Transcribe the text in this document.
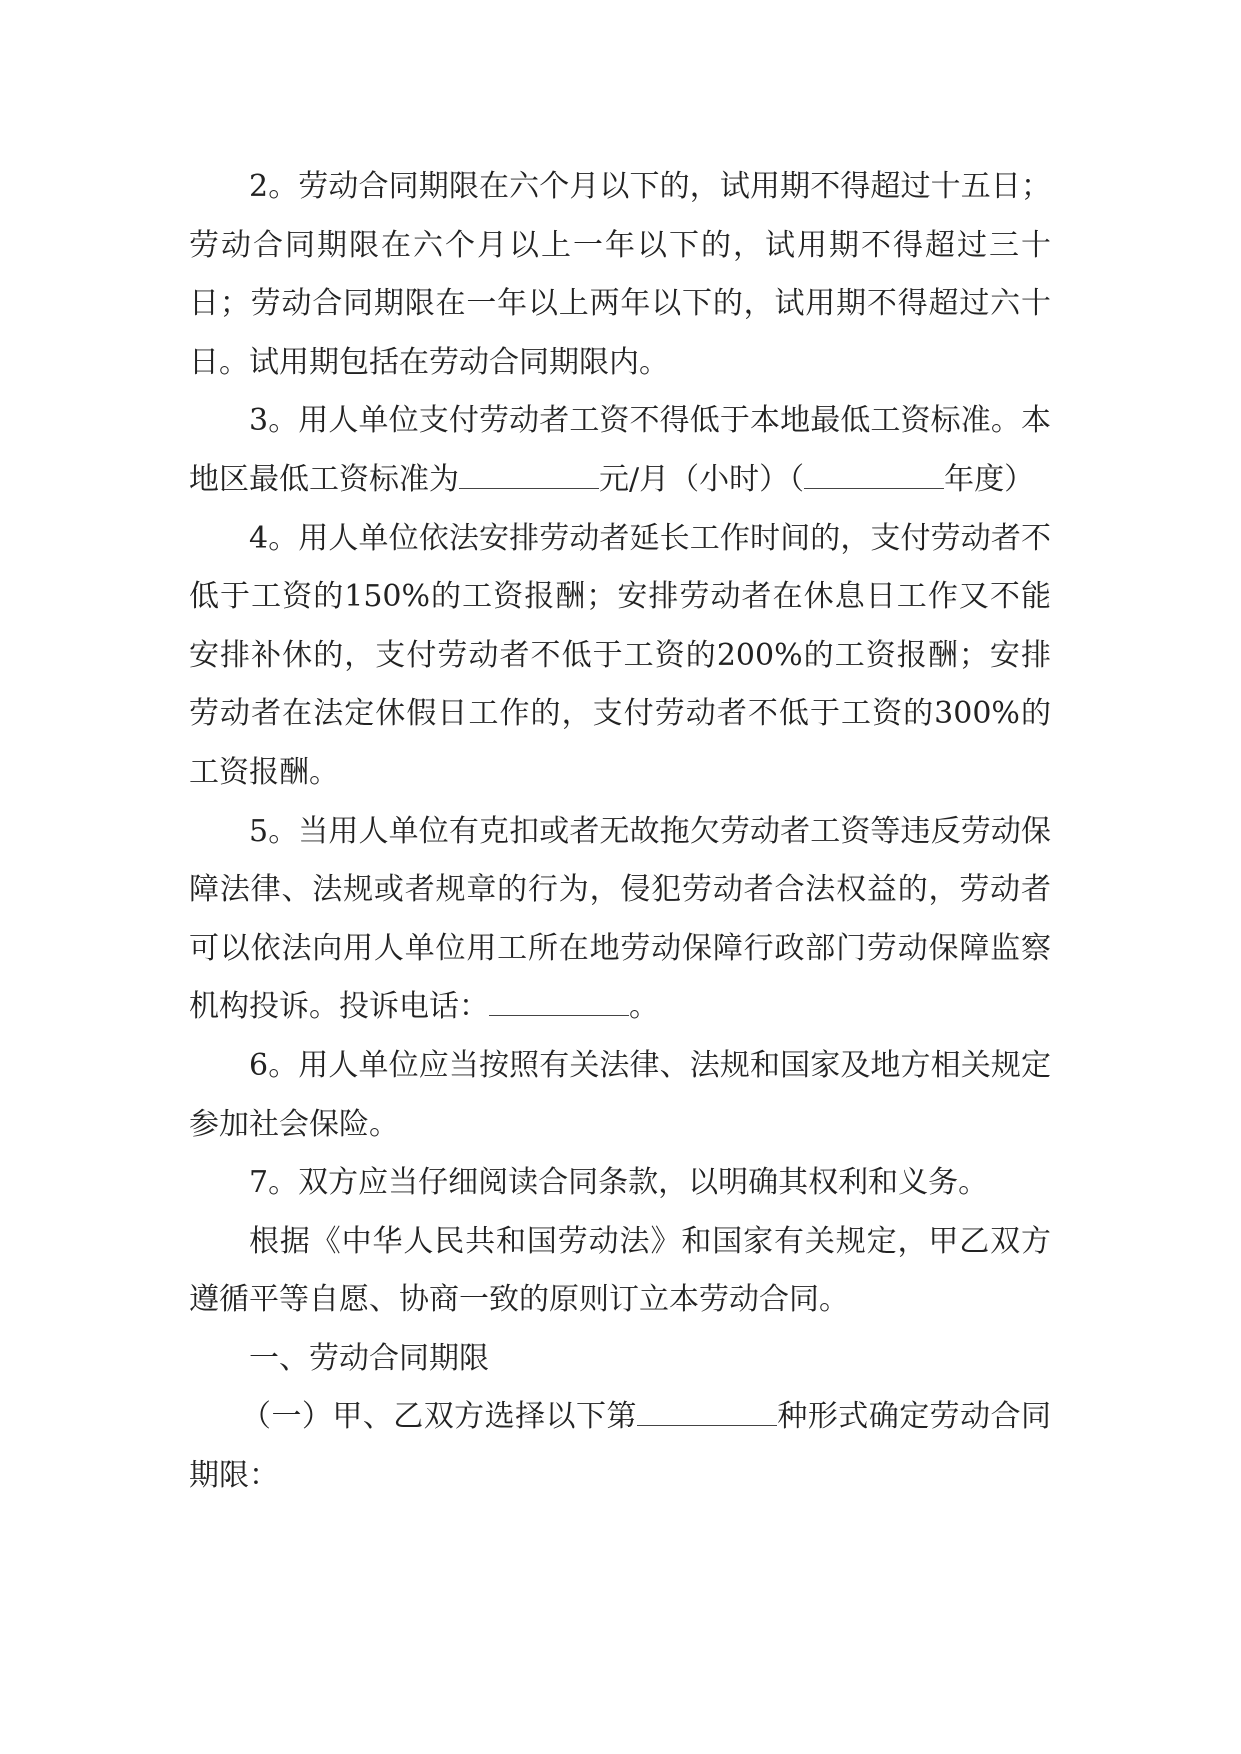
2。劳动合同期限在六个月以下的，试用期不得超过十五日；劳动合同期限在六个月以上一年以下的，试用期不得超过三十日；劳动合同期限在一年以上两年以下的，试用期不得超过六十日。试用期包括在劳动合同期限内。

3。用人单位支付劳动者工资不得低于本地最低工资标准。本地区最低工资标准为	元/月（小时）（	年度）

4。用人单位依法安排劳动者延长工作时间的，支付劳动者不低于工资的150%的工资报酬；安排劳动者在休息日工作又不能安排补休的，支付劳动者不低于工资的200%的工资报酬；安排劳动者在法定休假日工作的，支付劳动者不低于工资的300%的工资报酬。

5。当用人单位有克扣或者无故拖欠劳动者工资等违反劳动保障法律、法规或者规章的行为，侵犯劳动者合法权益的，劳动者可以依法向用人单位用工所在地劳动保障行政部门劳动保障监察机构投诉。投诉电话：	。

6。用人单位应当按照有关法律、法规和国家及地方相关规定参加社会保险。

7。双方应当仔细阅读合同条款，以明确其权利和义务。

根据《中华人民共和国劳动法》和国家有关规定，甲乙双方遵循平等自愿、协商一致的原则订立本劳动合同。

一、劳动合同期限

（一）甲、乙双方选择以下第	种形式确定劳动合同期限：
